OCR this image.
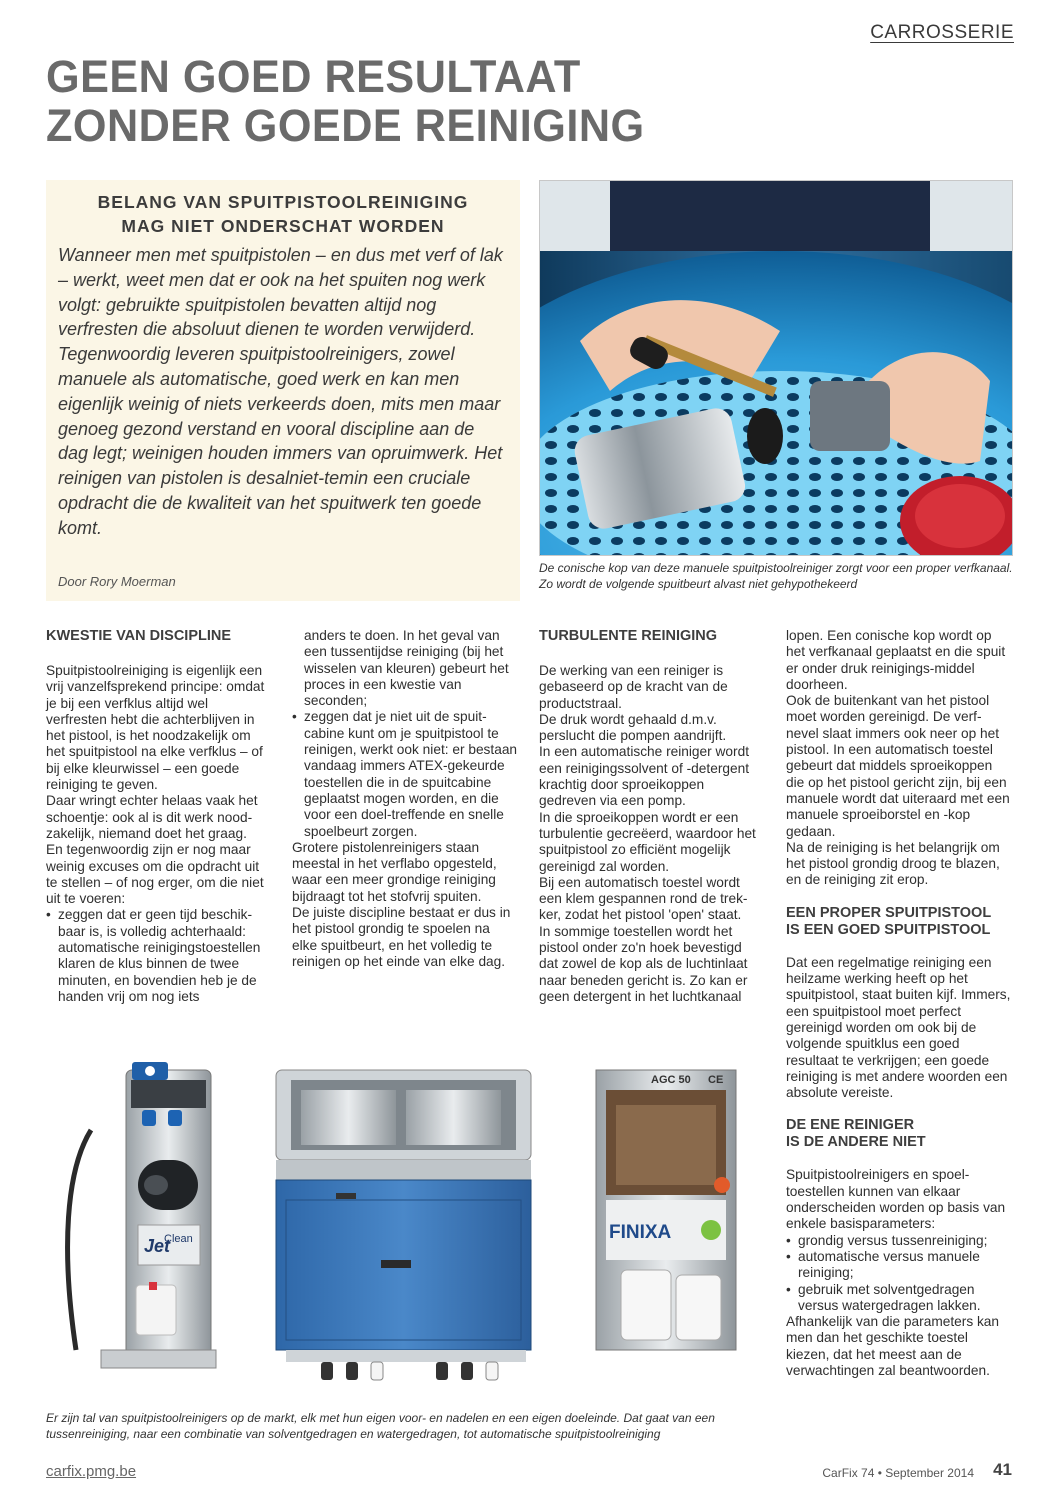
CARROSSERIE
GEEN GOED RESULTAAT
ZONDER GOEDE REINIGING
BELANG VAN SPUITPISTOOLREINIGING
MAG NIET ONDERSCHAT WORDEN

Wanneer men met spuitpistolen – en dus met verf of lak – werkt, weet men dat er ook na het spuiten nog werk volgt: gebruikte spuitpistolen bevatten altijd nog verfresten die absoluut dienen te worden verwijderd. Tegenwoordig leveren spuitpistoolreinigers, zowel manuele als automatische, goed werk en kan men eigenlijk weinig of niets verkeerds doen, mits men maar genoeg gezond verstand en vooral discipline aan de dag legt; weinigen houden immers van opruimwerk. Het reinigen van pistolen is desalniet-temin een cruciale opdracht die de kwaliteit van het spuitwerk ten goede komt.

Door Rory Moerman
De conische kop van deze manuele spuitpistoolreiniger zorgt voor een proper verfkanaal. Zo wordt de volgende spuitbeurt alvast niet gehypothekeerd
KWESTIE VAN DISCIPLINE
Spuitpistoolreiniging is eigenlijk een vrij vanzelfsprekend principe: omdat je bij een verfklus altijd wel verfresten hebt die achterblijven in het pistool, is het noodzakelijk om het spuitpistool na elke verfklus – of bij elke kleurwissel – een goede reiniging te geven.
Daar wringt echter helaas vaak het schoentje: ook al is dit werk nood-zakelijk, niemand doet het graag.
En tegenwoordig zijn er nog maar weinig excuses om die opdracht uit te stellen – of nog erger, om die niet uit te voeren:
• zeggen dat er geen tijd beschik-baar is, is volledig achterhaald: automatische reinigingstoestellen klaren de klus binnen de twee minuten, en bovendien heb je de handen vrij om nog iets
anders te doen. In het geval van een tussentijdse reiniging (bij het wisselen van kleuren) gebeurt het proces in een kwestie van seconden;
• zeggen dat je niet uit de spuit-cabine kunt om je spuitpistool te reinigen, werkt ook niet: er bestaan vandaag immers ATEX-gekeurde toestellen die in de spuitcabine geplaatst mogen worden, en die voor een doel-treffende en snelle spoelbeurt zorgen.
Grotere pistolenreinigers staan meestal in het verflabo opgesteld, waar een meer grondige reiniging bijdraagt tot het stofvrij spuiten.
De juiste discipline bestaat er dus in het pistool grondig te spoelen na elke spuitbeurt, en het volledig te reinigen op het einde van elke dag.
TURBULENTE REINIGING
De werking van een reiniger is gebaseerd op de kracht van de productstraal.
De druk wordt gehaald d.m.v. perslucht die pompen aandrijft.
In een automatische reiniger wordt een reinigingssolvent of -detergent krachtig door sproeikoppen gedreven via een pomp.
In die sproeikoppen wordt er een turbulentie gecreëerd, waardoor het spuitpistool zo efficiënt mogelijk gereinigd zal worden.
Bij een automatisch toestel wordt een klem gespannen rond de trek-ker, zodat het pistool 'open' staat.
In sommige toestellen wordt het pistool onder zo'n hoek bevestigd dat zowel de kop als de luchtinlaat naar beneden gericht is. Zo kan er geen detergent in het luchtkanaal
lopen. Een conische kop wordt op het verfkanaal geplaatst en die spuit er onder druk reinigings-middel doorheen.
Ook de buitenkant van het pistool moet worden gereinigd. De verf-nevel slaat immers ook neer op het pistool. In een automatisch toestel gebeurt dat middels sproeikoppen die op het pistool gericht zijn, bij een manuele wordt dat uiteraard met een manuele sproeiborstel en -kop gedaan.
Na de reiniging is het belangrijk om het pistool grondig droog te blazen, en de reiniging zit erop.
EEN PROPER SPUITPISTOOL
IS EEN GOED SPUITPISTOOL
Dat een regelmatige reiniging een heilzame werking heeft op het spuitpistool, staat buiten kijf. Immers, een spuitpistool moet perfect gereinigd worden om ook bij de volgende spuitklus een goed resultaat te verkrijgen; een goede reiniging is met andere woorden een absolute vereiste.
DE ENE REINIGER
IS DE ANDERE NIET
Spuitpistoolreinigers en spoel-toestellen kunnen van elkaar onderscheiden worden op basis van enkele basisparameters:
• grondig versus tussenreiniging;
• automatische versus manuele reiniging;
• gebruik met solventgedragen versus watergedragen lakken.
Afhankelijk van die parameters kan men dan het geschikte toestel kiezen, dat het meest aan de verwachtingen zal beantwoorden.
Jet
Clean
AGC 50 CE
FINIXA
Er zijn tal van spuitpistoolreinigers op de markt, elk met hun eigen voor- en nadelen en een eigen doeleinde. Dat gaat van een tussenreiniging, naar een combinatie van solventgedragen en watergedragen, tot automatische spuitpistoolreiniging
carfix.pmg.be	CarFix 74 • September 2014 41
